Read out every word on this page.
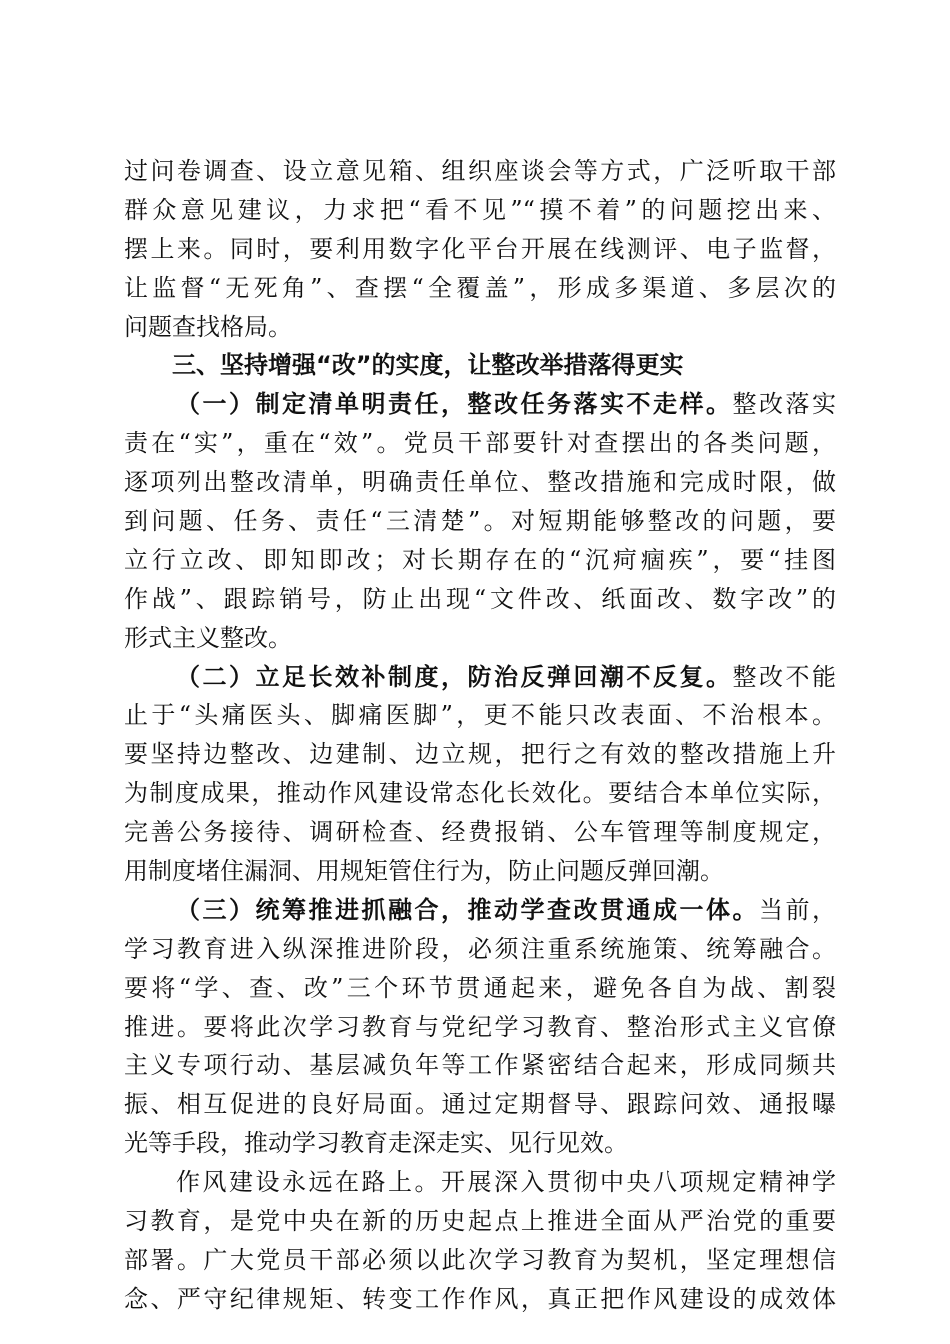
过问卷调查、设立意见箱、组织座谈会等方式，广泛听取干部
群众意见建议，力求把“看不见”“摸不着”的问题挖出来、
摆上来。同时，要利用数字化平台开展在线测评、电子监督，
让监督“无死角”、查摆“全覆盖”，形成多渠道、多层次的
问题查找格局。
三、坚持增强“改”的实度，让整改举措落得更实
（一）制定清单明责任，整改任务落实不走样。整改落实
责在“实”，重在“效”。党员干部要针对查摆出的各类问题，
逐项列出整改清单，明确责任单位、整改措施和完成时限，做
到问题、任务、责任“三清楚”。对短期能够整改的问题，要
立行立改、即知即改；对长期存在的“沉疴痼疾”，要“挂图
作战”、跟踪销号，防止出现“文件改、纸面改、数字改”的
形式主义整改。
（二）立足长效补制度，防治反弹回潮不反复。整改不能
止于“头痛医头、脚痛医脚”，更不能只改表面、不治根本。
要坚持边整改、边建制、边立规，把行之有效的整改措施上升
为制度成果，推动作风建设常态化长效化。要结合本单位实际，
完善公务接待、调研检查、经费报销、公车管理等制度规定，
用制度堵住漏洞、用规矩管住行为，防止问题反弹回潮。
（三）统筹推进抓融合，推动学查改贯通成一体。当前，
学习教育进入纵深推进阶段，必须注重系统施策、统筹融合。
要将“学、查、改”三个环节贯通起来，避免各自为战、割裂
推进。要将此次学习教育与党纪学习教育、整治形式主义官僚
主义专项行动、基层减负年等工作紧密结合起来，形成同频共
振、相互促进的良好局面。通过定期督导、跟踪问效、通报曝
光等手段，推动学习教育走深走实、见行见效。
作风建设永远在路上。开展深入贯彻中央八项规定精神学
习教育，是党中央在新的历史起点上推进全面从严治党的重要
部署。广大党员干部必须以此次学习教育为契机，坚定理想信
念、严守纪律规矩、转变工作作风，真正把作风建设的成效体
